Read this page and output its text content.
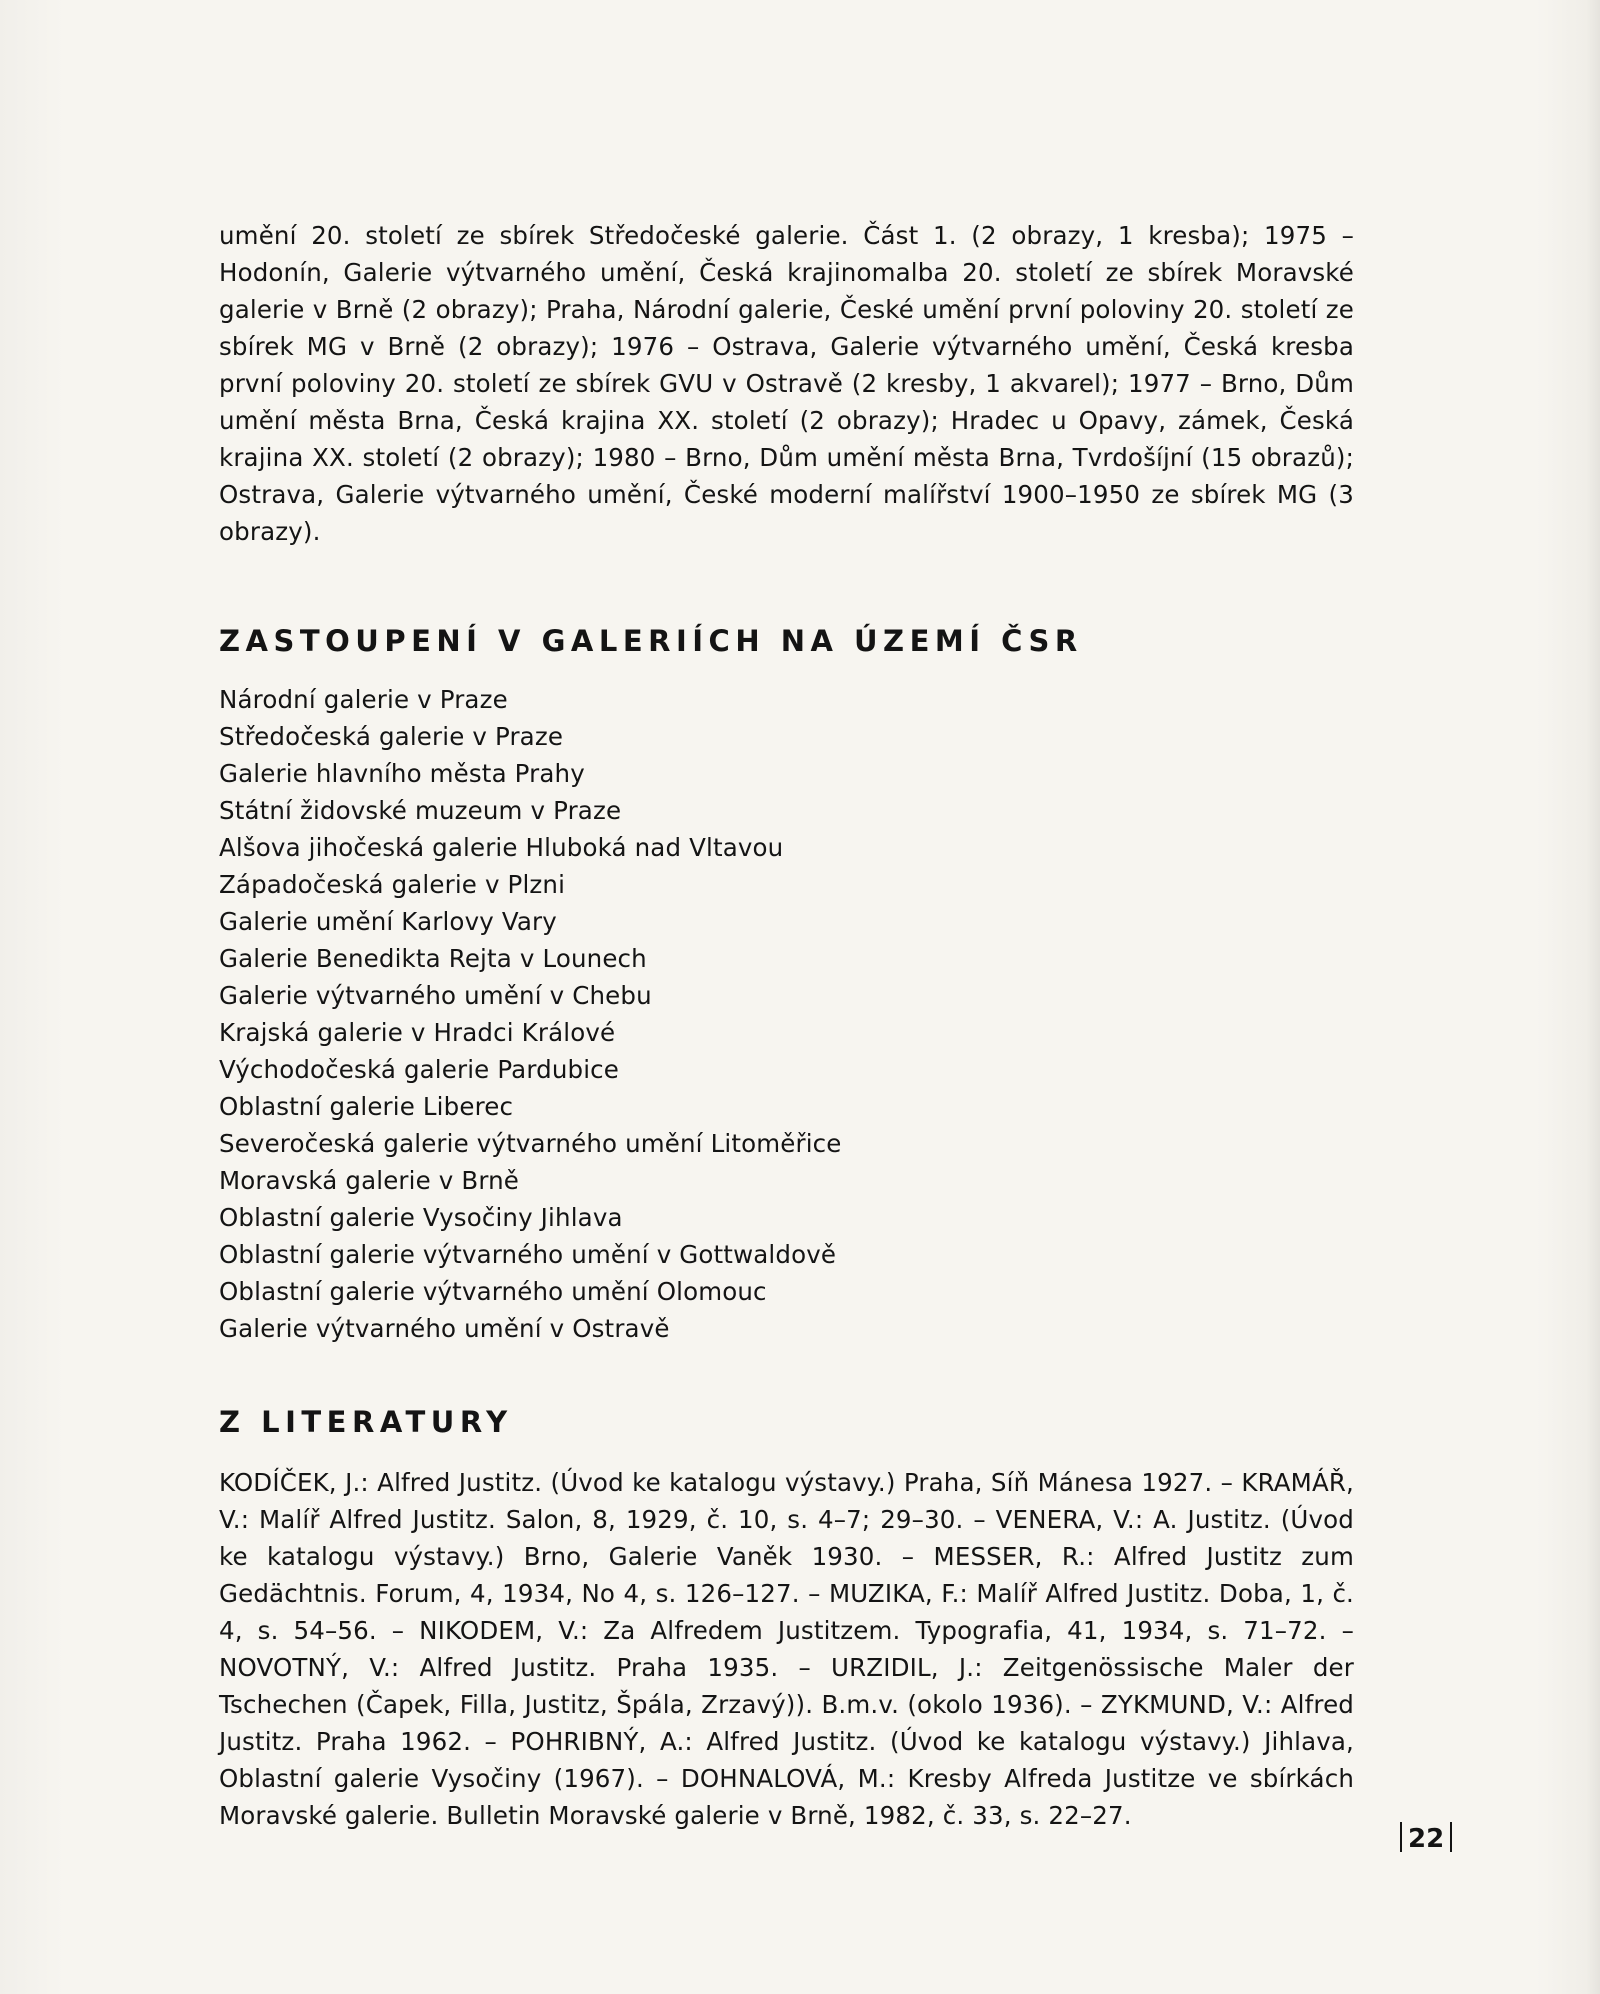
umění 20. století ze sbírek Středočeské galerie. Část 1. (2 obrazy, 1 kresba); 1975 – Hodonín, Galerie výtvarného umění, Česká krajinomalba 20. století ze sbírek Moravské galerie v Brně (2 obrazy); Praha, Národní galerie, České umění první poloviny 20. století ze sbírek MG v Brně (2 obrazy); 1976 – Ostrava, Galerie výtvarného umění, Česká kresba první poloviny 20. století ze sbírek GVU v Ostravě (2 kresby, 1 akvarel); 1977 – Brno, Dům umění města Brna, Česká krajina XX. století (2 obrazy); Hradec u Opavy, zámek, Česká krajina XX. století (2 obrazy); 1980 – Brno, Dům umění města Brna, Tvrdošíjní (15 obrazů); Ostrava, Galerie výtvarného umění, České moderní malířství 1900–1950 ze sbírek MG (3 obrazy).

ZASTOUPENÍ V GALERIÍCH NA ÚZEMÍ ČSR
Národní galerie v Praze
Středočeská galerie v Praze
Galerie hlavního města Prahy
Státní židovské muzeum v Praze
Alšova jihočeská galerie Hluboká nad Vltavou
Západočeská galerie v Plzni
Galerie umění Karlovy Vary
Galerie Benedikta Rejta v Lounech
Galerie výtvarného umění v Chebu
Krajská galerie v Hradci Králové
Východočeská galerie Pardubice
Oblastní galerie Liberec
Severočeská galerie výtvarného umění Litoměřice
Moravská galerie v Brně
Oblastní galerie Vysočiny Jihlava
Oblastní galerie výtvarného umění v Gottwaldově
Oblastní galerie výtvarného umění Olomouc
Galerie výtvarného umění v Ostravě
Z LITERATURY

KODÍČEK, J.: Alfred Justitz. (Úvod ke katalogu výstavy.) Praha, Síň Mánesa 1927. – KRAMÁŘ, V.: Malíř Alfred Justitz. Salon, 8, 1929, č. 10, s. 4–7; 29–30. – VENERA, V.: A. Justitz. (Úvod ke katalogu výstavy.) Brno, Galerie Vaněk 1930. – MESSER, R.: Alfred Justitz zum Gedächtnis. Forum, 4, 1934, No 4, s. 126–127. – MUZIKA, F.: Malíř Alfred Justitz. Doba, 1, č. 4, s. 54–56. – NIKODEM, V.: Za Alfredem Justitzem. Typografia, 41, 1934, s. 71–72. – NOVOTNÝ, V.: Alfred Justitz. Praha 1935. – URZIDIL, J.: Zeitgenössische Maler der Tschechen (Čapek, Filla, Justitz, Špála, Zrzavý)). B.m.v. (okolo 1936). – ZYKMUND, V.: Alfred Justitz. Praha 1962. – POHRIBNÝ, A.: Alfred Justitz. (Úvod ke katalogu výstavy.) Jihlava, Oblastní galerie Vysočiny (1967). – DOHNALOVÁ, M.: Kresby Alfreda Justitze ve sbírkách Moravské galerie. Bulletin Moravské galerie v Brně, 1982, č. 33, s. 22–27.

22
